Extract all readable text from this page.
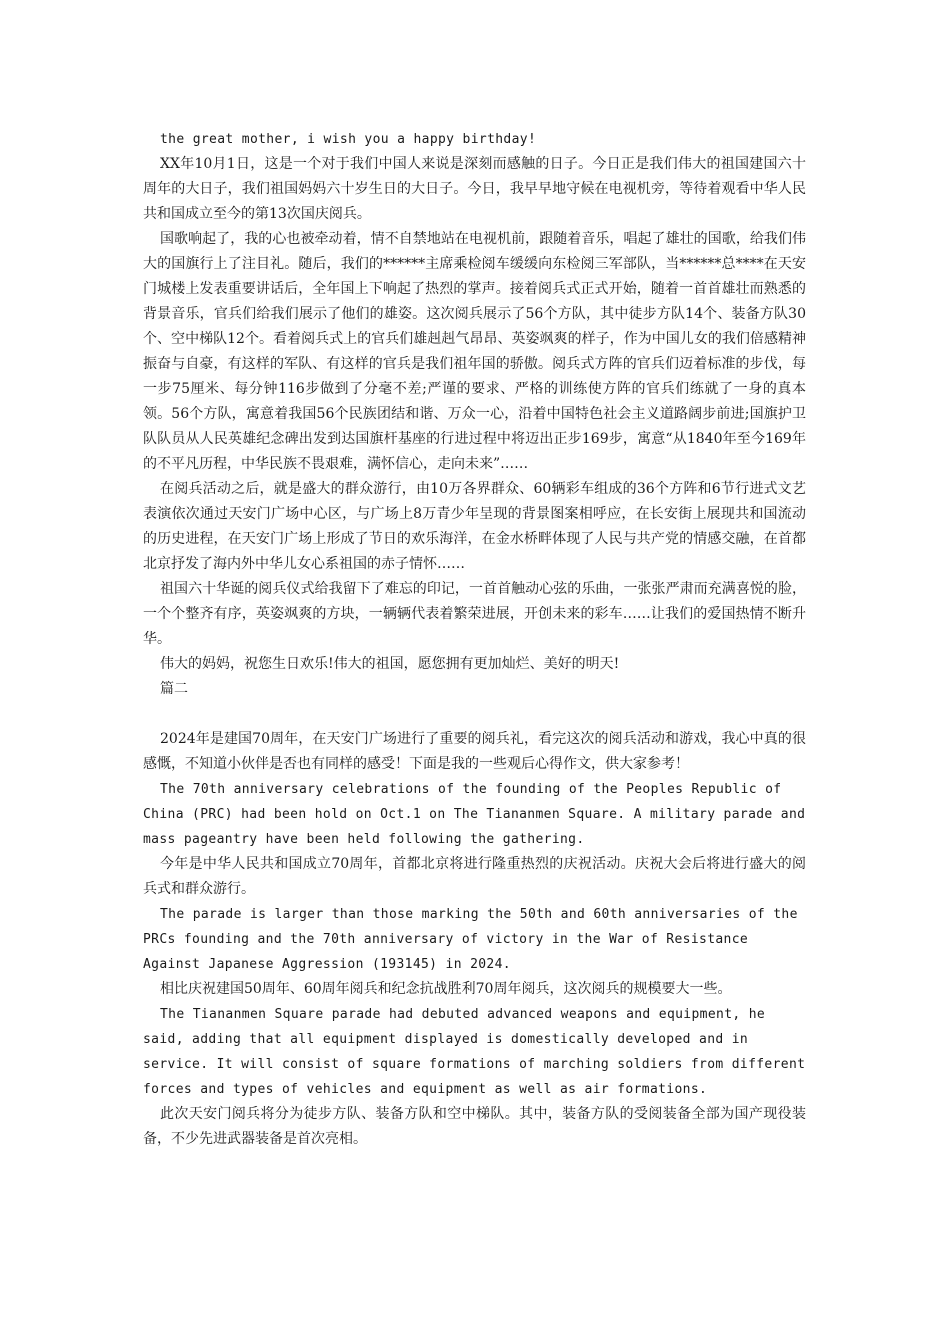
the great mother, i wish you a happy birthday!

XX年10月1日，这是一个对于我们中国人来说是深刻而感触的日子。今日正是我们伟大的祖国建国六十周年的大日子，我们祖国妈妈六十岁生日的大日子。今日，我早早地守候在电视机旁，等待着观看中华人民共和国成立至今的第13次国庆阅兵。

国歌响起了，我的心也被牵动着，情不自禁地站在电视机前，跟随着音乐，唱起了雄壮的国歌，给我们伟大的国旗行上了注目礼。随后，我们的******主席乘检阅车缓缓向东检阅三军部队，当******总****在天安门城楼上发表重要讲话后，全年国上下响起了热烈的掌声。接着阅兵式正式开始，随着一首首雄壮而熟悉的背景音乐，官兵们给我们展示了他们的雄姿。这次阅兵展示了56个方队，其中徒步方队14个、装备方队30个、空中梯队12个。看着阅兵式上的官兵们雄赳赳气昂昂、英姿飒爽的样子，作为中国儿女的我们倍感精神振奋与自豪，有这样的军队、有这样的官兵是我们祖年国的骄傲。阅兵式方阵的官兵们迈着标准的步伐，每一步75厘米、每分钟116步做到了分毫不差;严谨的要求、严格的训练使方阵的官兵们练就了一身的真本领。56个方队，寓意着我国56个民族团结和谐、万众一心，沿着中国特色社会主义道路阔步前进;国旗护卫队队员从人民英雄纪念碑出发到达国旗杆基座的行进过程中将迈出正步169步，寓意“从1840年至今169年的不平凡历程，中华民族不畏艰难，满怀信心，走向未来”……

在阅兵活动之后，就是盛大的群众游行，由10万各界群众、60辆彩车组成的36个方阵和6节行进式文艺表演依次通过天安门广场中心区，与广场上8万青少年呈现的背景图案相呼应，在长安街上展现共和国流动的历史进程，在天安门广场上形成了节日的欢乐海洋，在金水桥畔体现了人民与共产党的情感交融，在首都北京抒发了海内外中华儿女心系祖国的赤子情怀……

祖国六十华诞的阅兵仪式给我留下了难忘的印记，一首首触动心弦的乐曲，一张张严肃而充满喜悦的脸，一个个整齐有序，英姿飒爽的方块，一辆辆代表着繁荣进展，开创未来的彩车……让我们的爱国热情不断升华。

伟大的妈妈，祝您生日欢乐!伟大的祖国，愿您拥有更加灿烂、美好的明天!

篇二

2024年是建国70周年，在天安门广场进行了重要的阅兵礼，看完这次的阅兵活动和游戏，我心中真的很感慨，不知道小伙伴是否也有同样的感受！下面是我的一些观后心得作文，供大家参考！

The 70th anniversary celebrations of the founding of the Peoples Republic of China (PRC) had been hold on Oct.1 on The Tiananmen Square. A military parade and mass pageantry have been held following the gathering.

今年是中华人民共和国成立70周年，首都北京将进行隆重热烈的庆祝活动。庆祝大会后将进行盛大的阅兵式和群众游行。

The parade is larger than those marking the 50th and 60th anniversaries of the PRCs founding and the 70th anniversary of victory in the War of Resistance Against Japanese Aggression (193145) in 2024.

相比庆祝建国50周年、60周年阅兵和纪念抗战胜利70周年阅兵，这次阅兵的规模要大一些。

The Tiananmen Square parade had debuted advanced weapons and equipment, he said, adding that all equipment displayed is domestically developed and in service. It will consist of square formations of marching soldiers from different forces and types of vehicles and equipment as well as air formations.

此次天安门阅兵将分为徒步方队、装备方队和空中梯队。其中，装备方队的受阅装备全部为国产现役装备，不少先进武器装备是首次亮相。
